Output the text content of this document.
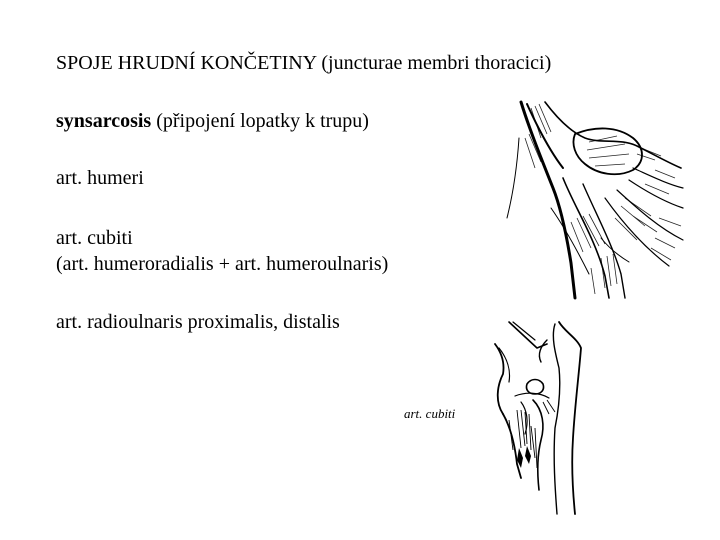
SPOJE HRUDNÍ KONČETINY (juncturae membri thoracici)
synsarcosis (připojení lopatky k trupu)
art. humeri
art. cubiti
(art. humeroradialis + art. humeroulnaris)
art. radioulnaris proximalis, distalis
art. cubiti
